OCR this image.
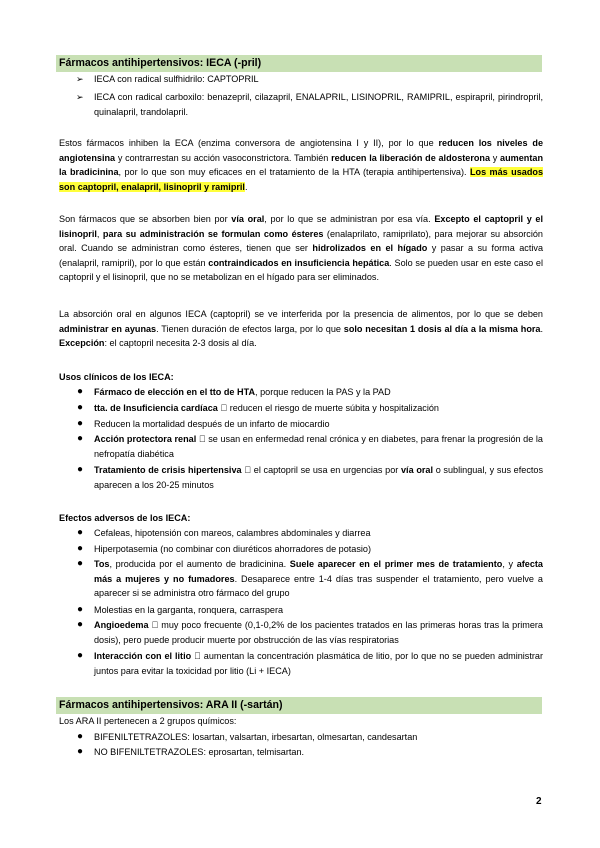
Fármacos antihipertensivos: IECA (-pril)
➢ IECA con radical sulfhidrilo: CAPTOPRIL
➢ IECA con radical carboxilo: benazepril, cilazapril, ENALAPRIL, LISINOPRIL, RAMIPRIL, espirapril, pirindropril, quinalapril, trandolapril.
Estos fármacos inhiben la ECA (enzima conversora de angiotensina I y II), por lo que reducen los niveles de angiotensina y contrarrestan su acción vasoconstrictora. También reducen la liberación de aldosterona y aumentan la bradicinina, por lo que son muy eficaces en el tratamiento de la HTA (terapia antihipertensiva). Los más usados son captopril, enalapril, lisinopril y ramipril.
Son fármacos que se absorben bien por vía oral, por lo que se administran por esa vía. Excepto el captopril y el lisinopril, para su administración se formulan como ésteres (enalaprilato, ramiprilato), para mejorar su absorción oral. Cuando se administran como ésteres, tienen que ser hidrolizados en el hígado y pasar a su forma activa (enalapril, ramipril), por lo que están contraindicados en insuficiencia hepática. Solo se pueden usar en este caso el captopril y el lisinopril, que no se metabolizan en el hígado para ser eliminados.
La absorción oral en algunos IECA (captopril) se ve interferida por la presencia de alimentos, por lo que se deben administrar en ayunas. Tienen duración de efectos larga, por lo que solo necesitan 1 dosis al día a la misma hora. Excepción: el captopril necesita 2-3 dosis al día.
Usos clínicos de los IECA:
● Fármaco de elección en el tto de HTA, porque reducen la PAS y la PAD
● tta. de Insuficiencia cardíaca reducen el riesgo de muerte súbita y hospitalización
● Reducen la mortalidad después de un infarto de miocardio
● Acción protectora renal se usan en enfermedad renal crónica y en diabetes, para frenar la progresión de la nefropatía diabética
● Tratamiento de crisis hipertensiva el captopril se usa en urgencias por vía oral o sublingual, y sus efectos aparecen a los 20-25 minutos
Efectos adversos de los IECA:
● Cefaleas, hipotensión con mareos, calambres abdominales y diarrea
● Hiperpotasemia (no combinar con diuréticos ahorradores de potasio)
● Tos, producida por el aumento de bradicinina. Suele aparecer en el primer mes de tratamiento, y afecta más a mujeres y no fumadores. Desaparece entre 1-4 días tras suspender el tratamiento, pero vuelve a aparecer si se administra otro fármaco del grupo
● Molestias en la garganta, ronquera, carraspera
● Angioedema muy poco frecuente (0,1-0,2% de los pacientes tratados en las primeras horas tras la primera dosis), pero puede producir muerte por obstrucción de las vías respiratorias
● Interacción con el litio aumentan la concentración plasmática de litio, por lo que no se pueden administrar juntos para evitar la toxicidad por litio (Li + IECA)
Fármacos antihipertensivos: ARA II (-sartán)
Los ARA II pertenecen a 2 grupos químicos:
● BIFENILTETRAZOLES: losartan, valsartan, irbesartan, olmesartan, candesartan
● NO BIFENILTETRAZOLES: eprosartan, telmisartan.
2
